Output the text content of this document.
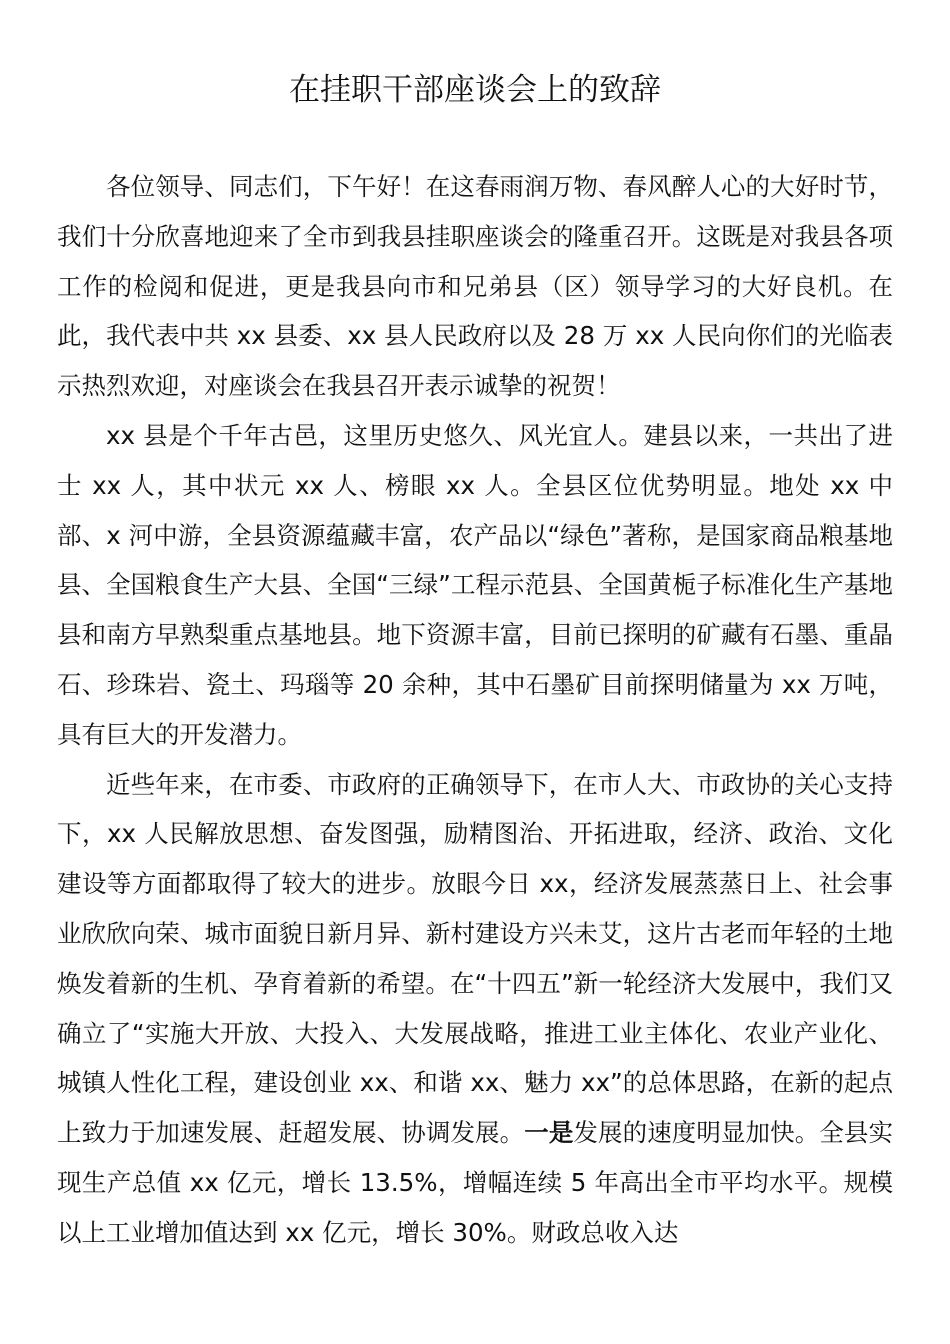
在挂职干部座谈会上的致辞

各位领导、同志们，下午好！在这春雨润万物、春风醉人心的大好时节，我们十分欣喜地迎来了全市到我县挂职座谈会的隆重召开。这既是对我县各项工作的检阅和促进，更是我县向市和兄弟县（区）领导学习的大好良机。在此，我代表中共 xx 县委、xx 县人民政府以及 28 万 xx 人民向你们的光临表示热烈欢迎，对座谈会在我县召开表示诚挚的祝贺！

xx 县是个千年古邑，这里历史悠久、风光宜人。建县以来，一共出了进士 xx 人，其中状元 xx 人、榜眼 xx 人。全县区位优势明显。地处 xx 中部、x 河中游，全县资源蕴藏丰富，农产品以“绿色”著称，是国家商品粮基地县、全国粮食生产大县、全国“三绿”工程示范县、全国黄栀子标准化生产基地县和南方早熟梨重点基地县。地下资源丰富，目前已探明的矿藏有石墨、重晶石、珍珠岩、瓷土、玛瑙等 20 余种，其中石墨矿目前探明储量为 xx 万吨，具有巨大的开发潜力。

近些年来，在市委、市政府的正确领导下，在市人大、市政协的关心支持下，xx 人民解放思想、奋发图强，励精图治、开拓进取，经济、政治、文化建设等方面都取得了较大的进步。放眼今日 xx，经济发展蒸蒸日上、社会事业欣欣向荣、城市面貌日新月异、新村建设方兴未艾，这片古老而年轻的土地焕发着新的生机、孕育着新的希望。在“十四五”新一轮经济大发展中，我们又确立了“实施大开放、大投入、大发展战略，推进工业主体化、农业产业化、城镇人性化工程，建设创业 xx、和谐 xx、魅力 xx”的总体思路，在新的起点上致力于加速发展、赶超发展、协调发展。一是发展的速度明显加快。全县实现生产总值 xx 亿元，增长 13.5%，增幅连续 5 年高出全市平均水平。规模以上工业增加值达到 xx 亿元，增长 30%。财政总收入达
